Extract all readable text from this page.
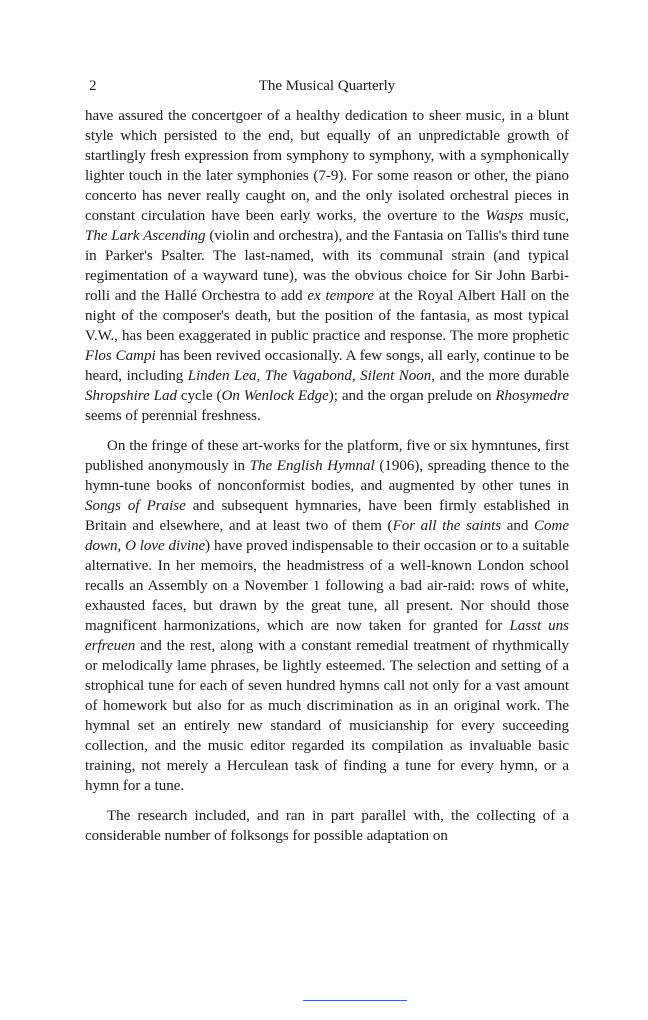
2	The Musical Quarterly

have assured the concertgoer of a healthy dedication to sheer music, in a blunt style which persisted to the end, but equally of an unpredictable growth of startlingly fresh expression from symphony to symphony, with a symphonically lighter touch in the later symphonies (7-9). For some reason or other, the piano concerto has never really caught on, and the only isolated orchestral pieces in constant circulation have been early works, the overture to the Wasps music, The Lark Ascending (violin and orchestra), and the Fantasia on Tallis's third tune in Parker's Psalter. The last-named, with its communal strain (and typical regimentation of a wayward tune), was the obvious choice for Sir John Barbirolli and the Hallé Orchestra to add ex tempore at the Royal Albert Hall on the night of the composer's death, but the position of the fantasia, as most typical V.W., has been exaggerated in public practice and response. The more prophetic Flos Campi has been revived occasionally. A few songs, all early, continue to be heard, including Linden Lea, The Vagabond, Silent Noon, and the more durable Shropshire Lad cycle (On Wenlock Edge); and the organ prelude on Rhosymedre seems of perennial freshness.

On the fringe of these art-works for the platform, five or six hymntunes, first published anonymously in The English Hymnal (1906), spreading thence to the hymn-tune books of nonconformist bodies, and augmented by other tunes in Songs of Praise and subsequent hymnaries, have been firmly established in Britain and elsewhere, and at least two of them (For all the saints and Come down, O love divine) have proved indispensable to their occasion or to a suitable alternative. In her memoirs, the headmistress of a well-known London school recalls an Assembly on a November 1 following a bad air-raid: rows of white, exhausted faces, but drawn by the great tune, all present. Nor should those magnificent harmonizations, which are now taken for granted for Lasst uns erfreuen and the rest, along with a constant remedial treatment of rhythmically or melodically lame phrases, be lightly esteemed. The selection and setting of a strophical tune for each of seven hundred hymns call not only for a vast amount of homework but also for as much discrimination as in an original work. The hymnal set an entirely new standard of musicianship for every succeeding collection, and the music editor regarded its compilation as invaluable basic training, not merely a Herculean task of finding a tune for every hymn, or a hymn for a tune.

The research included, and ran in part parallel with, the collecting of a considerable number of folksongs for possible adaptation on
